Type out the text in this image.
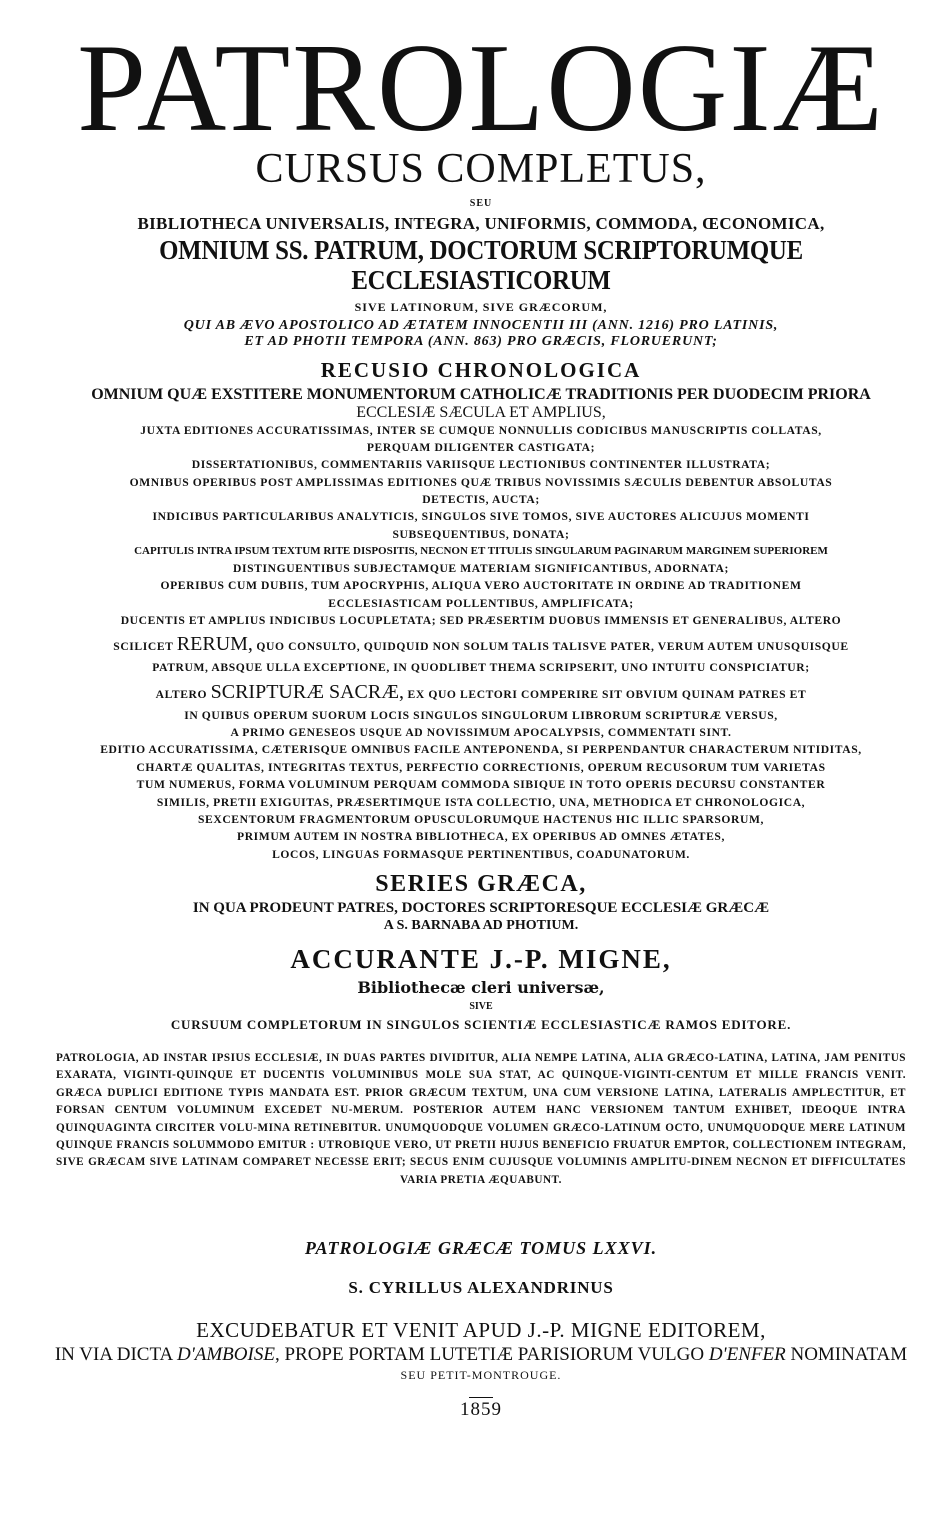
PATROLOGIÆ

CURSUS COMPLETUS,

SEU

BIBLIOTHECA UNIVERSALIS, INTEGRA, UNIFORMIS, COMMODA, ŒCONOMICA,

OMNIUM SS. PATRUM, DOCTORUM SCRIPTORUMQUE ECCLESIASTICORUM

SIVE LATINORUM, SIVE GRÆCORUM,

QUI AB ÆVO APOSTOLICO AD ÆTATEM INNOCENTII III (ANN. 1216) PRO LATINIS,

ET AD PHOTII TEMPORA (ANN. 863) PRO GRÆCIS, FLORUERUNT;

RECUSIO CHRONOLOGICA

OMNIUM QUÆ EXSTITERE MONUMENTORUM CATHOLICÆ TRADITIONIS PER DUODECIM PRIORA

ECCLESIÆ SÆCULA ET AMPLIUS,

JUXTA EDITIONES ACCURATISSIMAS, INTER SE CUMQUE NONNULLIS CODICIBUS MANUSCRIPTIS COLLATAS,

PERQUAM DILIGENTER CASTIGATA;

DISSERTATIONIBUS, COMMENTARIIS VARIISQUE LECTIONIBUS CONTINENTER ILLUSTRATA;

OMNIBUS OPERIBUS POST AMPLISSIMAS EDITIONES QUÆ TRIBUS NOVISSIMIS SÆCULIS DEBENTUR ABSOLUTAS

DETECTIS, AUCTA;

INDICIBUS PARTICULARIBUS ANALYTICIS, SINGULOS SIVE TOMOS, SIVE AUCTORES ALICUJUS MOMENTI

SUBSEQUENTIBUS, DONATA;

CAPITULIS INTRA IPSUM TEXTUM RITE DISPOSITIS, NECNON ET TITULIS SINGULARUM PAGINARUM MARGINEM SUPERIOREM

DISTINGUENTIBUS SUBJECTAMQUE MATERIAM SIGNIFICANTIBUS, ADORNATA;

OPERIBUS CUM DUBIIS, TUM APOCRYPHIS, ALIQUA VERO AUCTORITATE IN ORDINE AD TRADITIONEM

ECCLESIASTICAM POLLENTIBUS, AMPLIFICATA;

DUCENTIS ET AMPLIUS INDICIBUS LOCUPLETATA; SED PRÆSERTIM DUOBUS IMMENSIS ET GENERALIBUS, ALTERO

SCILICET RERUM, QUO CONSULTO, QUIDQUID NON SOLUM TALIS TALISVE PATER, VERUM AUTEM UNUSQUISQUE

PATRUM, ABSQUE ULLA EXCEPTIONE, IN QUODLIBET THEMA SCRIPSERIT, UNO INTUITU CONSPICIATUR;

ALTERO SCRIPTURÆ SACRÆ, EX QUO LECTORI COMPERIRE SIT OBVIUM QUINAM PATRES ET

IN QUIBUS OPERUM SUORUM LOCIS SINGULOS SINGULORUM LIBRORUM SCRIPTURÆ VERSUS,

A PRIMO GENESEOS USQUE AD NOVISSIMUM APOCALYPSIS, COMMENTATI SINT.

EDITIO ACCURATISSIMA, CÆTERISQUE OMNIBUS FACILE ANTEPONENDA, SI PERPENDANTUR CHARACTERUM NITIDITAS,

CHARTÆ QUALITAS, INTEGRITAS TEXTUS, PERFECTIO CORRECTIONIS, OPERUM RECUSORUM TUM VARIETAS

TUM NUMERUS, FORMA VOLUMINUM PERQUAM COMMODA SIBIQUE IN TOTO OPERIS DECURSU CONSTANTER

SIMILIS, PRETII EXIGUITAS, PRÆSERTIMQUE ISTA COLLECTIO, UNA, METHODICA ET CHRONOLOGICA,

SEXCENTORUM FRAGMENTORUM OPUSCULORUMQUE HACTENUS HIC ILLIC SPARSORUM,

PRIMUM AUTEM IN NOSTRA BIBLIOTHECA, EX OPERIBUS AD OMNES ÆTATES,

LOCOS, LINGUAS FORMASQUE PERTINENTIBUS, COADUNATORUM.

SERIES GRÆCA,

IN QUA PRODEUNT PATRES, DOCTORES SCRIPTORESQUE ECCLESIÆ GRÆCÆ

A S. BARNABA AD PHOTIUM.

ACCURANTE J.-P. MIGNE,

Bibliothecæ cleri universæ,

SIVE

CURSUUM COMPLETORUM IN SINGULOS SCIENTIÆ ECCLESIASTICÆ RAMOS EDITORE.

PATROLOGIA, AD INSTAR IPSIUS ECCLESIÆ, IN DUAS PARTES DIVIDITUR, ALIA NEMPE LATINA, ALIA GRÆCO-LATINA, LATINA, JAM PENITUS EXARATA, VIGINTI-QUINQUE ET DUCENTIS VOLUMINIBUS MOLE SUA STAT, AC QUINQUE-VIGINTI-CENTUM ET MILLE FRANCIS VENIT. GRÆCA DUPLICI EDITIONE TYPIS MANDATA EST. PRIOR GRÆCUM TEXTUM, UNA CUM VERSIONE LATINA, LATERALIS AMPLECTITUR, ET FORSAN CENTUM VOLUMINUM EXCEDET NU-MERUM. POSTERIOR AUTEM HANC VERSIONEM TANTUM EXHIBET, IDEOQUE INTRA QUINQUAGINTA CIRCITER VOLU-MINA RETINEBITUR. UNUMQUODQUE VOLUMEN GRÆCO-LATINUM OCTO, UNUMQUODQUE MERE LATINUM QUINQUE FRANCIS SOLUMMODO EMITUR : UTROBIQUE VERO, UT PRETII HUJUS BENEFICIO FRUATUR EMPTOR, COLLECTIONEM INTEGRAM, SIVE GRÆCAM SIVE LATINAM COMPARET NECESSE ERIT; SECUS ENIM CUJUSQUE VOLUMINIS AMPLITU-DINEM NECNON ET DIFFICULTATES VARIA PRETIA ÆQUABUNT.

PATROLOGIÆ GRÆCÆ TOMUS LXXVI.

S. CYRILLUS ALEXANDRINUS

EXCUDEBATUR ET VENIT APUD J.-P. MIGNE EDITOREM,

IN VIA DICTA D'AMBOISE, PROPE PORTAM LUTETIÆ PARISIORUM VULGO D'ENFER NOMINATAM

SEU PETIT-MONTROUGE.

1859
